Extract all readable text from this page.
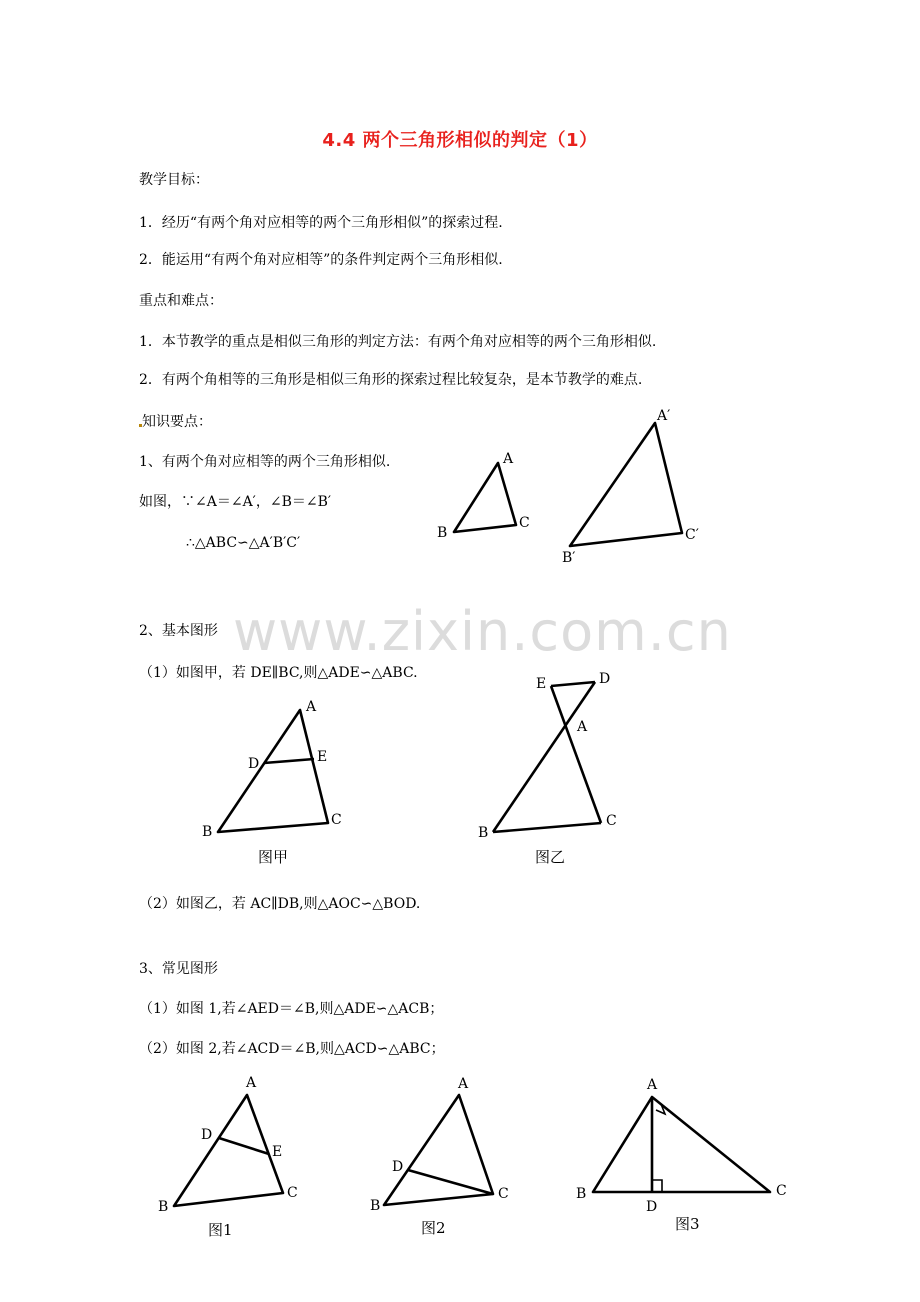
4.4 两个三角形相似的判定（1）
教学目标：
1．经历“有两个角对应相等的两个三角形相似”的探索过程.
2．能运用“有两个角对应相等”的条件判定两个三角形相似.
重点和难点：
1．本节教学的重点是相似三角形的判定方法：有两个角对应相等的两个三角形相似.
2．有两个角相等的三角形是相似三角形的探索过程比较复杂，是本节教学的难点.
知识要点：
1、有两个角对应相等的两个三角形相似.
如图，∵∠A＝∠A′，∠B＝∠B′
∴△ABC∽△A′B′C′
www.zixin.com.cn
2、基本图形
（1）如图甲，若 DE∥BC,则△ADE∽△ABC.
（2）如图乙，若 AC∥DB,则△AOC∽△BOD.
3、常见图形
（1）如图 1,若∠AED＝∠B,则△ADE∽△ACB；
（2）如图 2,若∠ACD＝∠B,则△ACD∽△ABC；
A
B
C
A′
B′
C′
A
D	E
B
C
图甲
E	D
A
B
C
图乙
A
D
E
B
C
图1
A
D
B
C
图2
A
B
D
C
图3
